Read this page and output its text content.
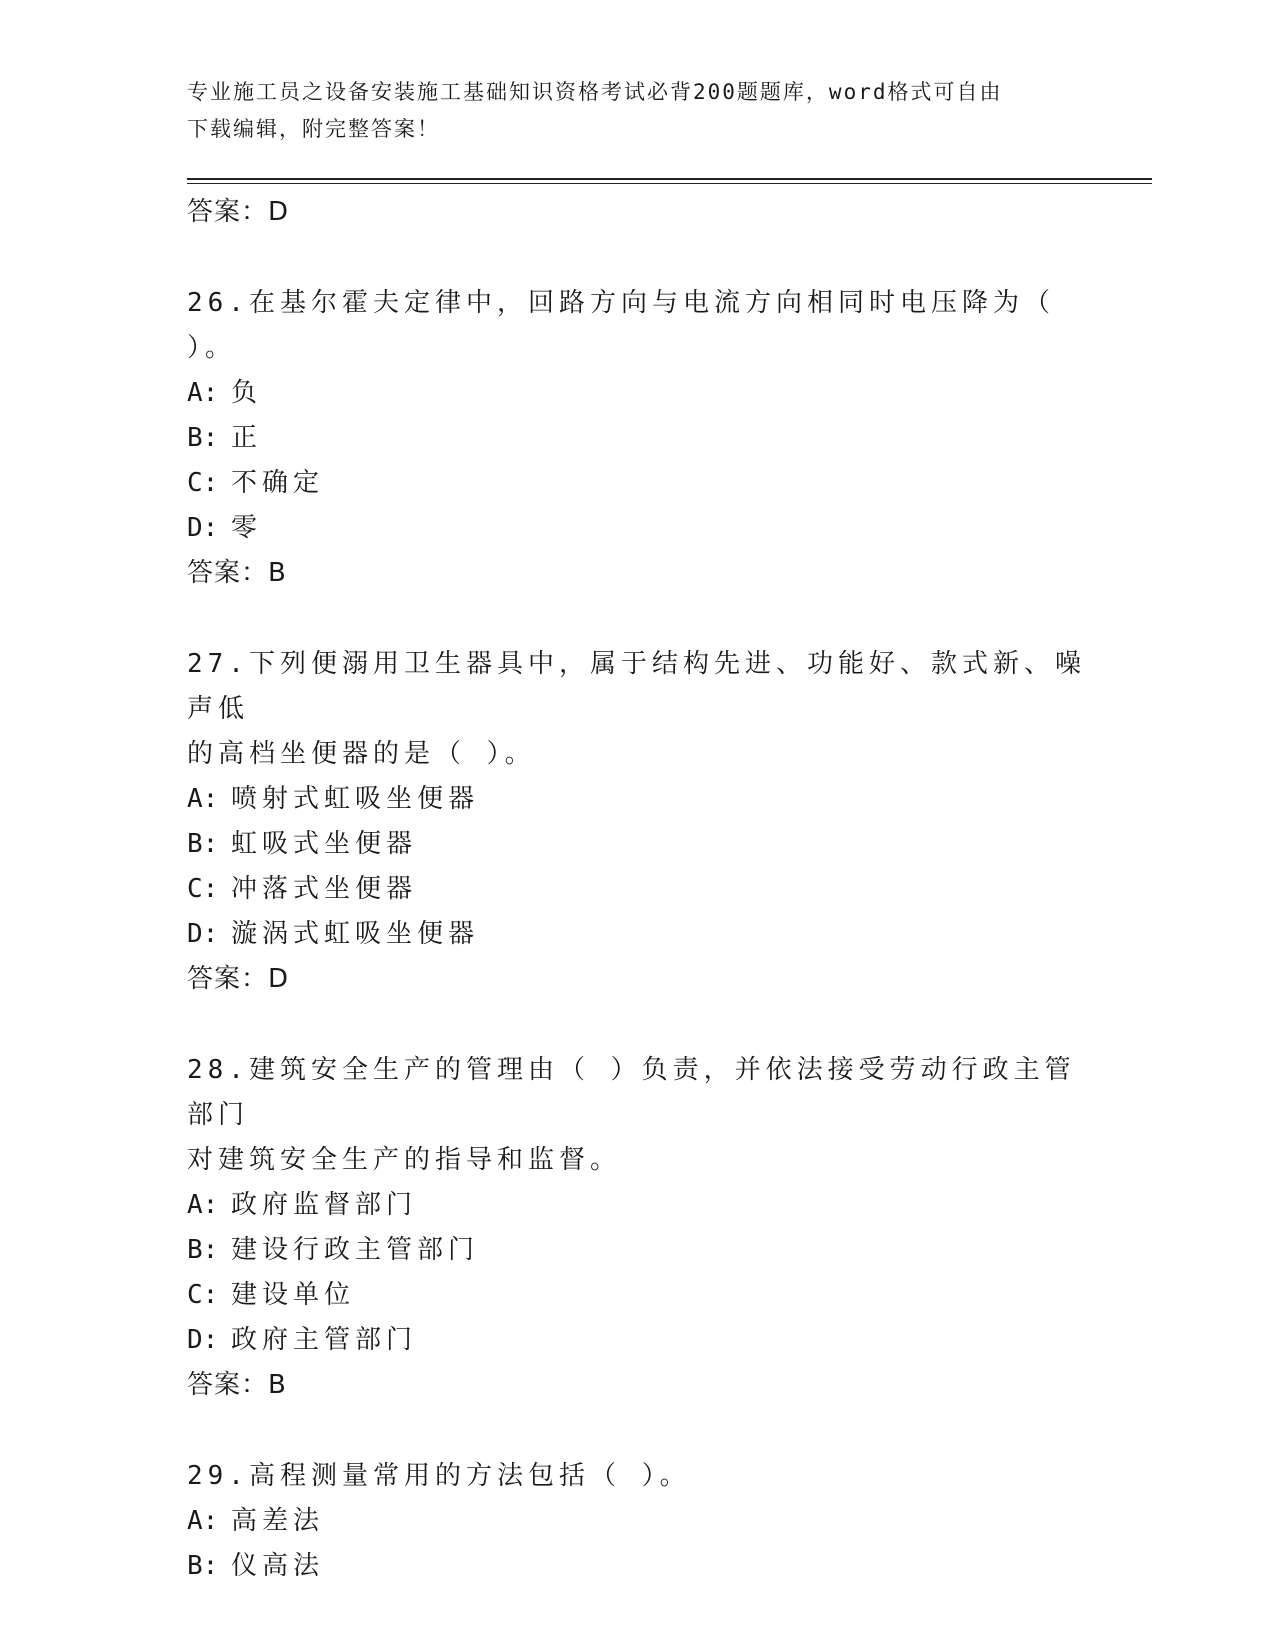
专业施工员之设备安装施工基础知识资格考试必背200题题库，word格式可自由
下载编辑，附完整答案！
答案：D
26.在基尔霍夫定律中，回路方向与电流方向相同时电压降为（ ）。
A: 负
B: 正
C: 不确定
D: 零
答案：B
27.下列便溺用卫生器具中，属于结构先进、功能好、款式新、噪声低
的高档坐便器的是（ ）。
A: 喷射式虹吸坐便器
B: 虹吸式坐便器
C: 冲落式坐便器
D: 漩涡式虹吸坐便器
答案：D
28.建筑安全生产的管理由（ ）负责，并依法接受劳动行政主管部门
对建筑安全生产的指导和监督。
A: 政府监督部门
B: 建设行政主管部门
C: 建设单位
D: 政府主管部门
答案：B
29.高程测量常用的方法包括（ ）。
A: 高差法
B: 仪高法
